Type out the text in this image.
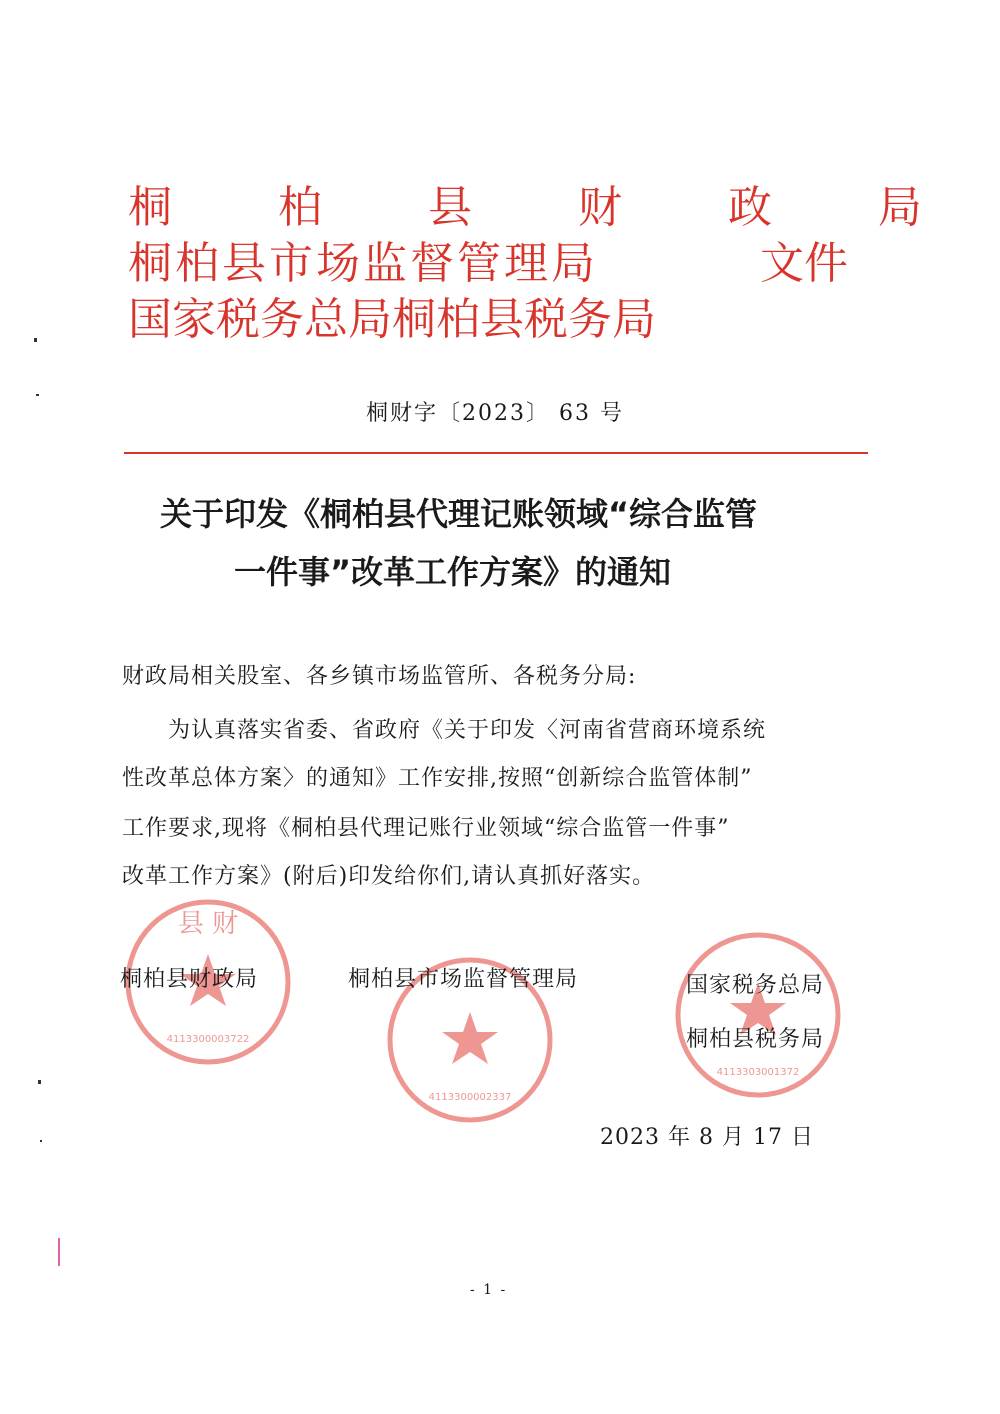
桐 柏 县 财 政 局
桐柏县市场监督管理局
国家税务总局桐柏县税务局
文件
桐财字〔2023〕 63 号
关于印发《桐柏县代理记账领域“综合监管
一件事”改革工作方案》的通知
财政局相关股室、各乡镇市场监管所、各税务分局:
为认真落实省委、省政府《关于印发〈河南省营商环境系统
性改革总体方案〉的通知》工作安排,按照“创新综合监管体制”
工作要求,现将《桐柏县代理记账行业领域“综合监管一件事”
改革工作方案》(附后)印发给你们,请认真抓好落实。
县 财
4113300003722
4113300002337
4113303001372
桐柏县财政局	桐柏县市场监督管理局	国家税务总局
桐柏县税务局
2023 年 8 月 17 日
- 1 -
